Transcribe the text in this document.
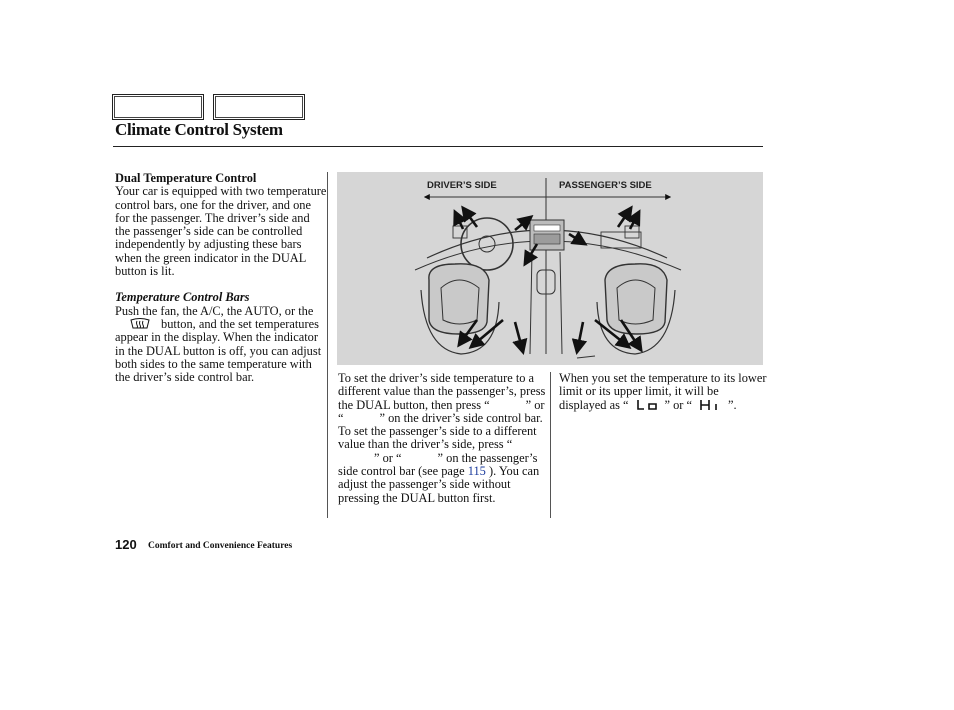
Climate Control System
Dual Temperature Control
Your car is equipped with two temperature control bars, one for the driver, and one for the passenger. The driver’s side and the passenger’s side can be controlled independently by adjusting these bars when the green indicator in the DUAL button is lit.
Temperature Control Bars
Push the fan, the A/C, the AUTO, or thebutton, and the set temperatures appear in the display. When the indicator in the DUAL button is off, you can adjust both sides to the same temperature with the driver’s side control bar.
DRIVER’S SIDE	PASSENGER’S SIDE
To set the driver’s side temperature to a different value than the passenger’s, press the DUAL button, then press “	” or “	” on the driver’s side control bar. To set the passenger’s side to a different value than the driver’s side, press “” or “	” on the passenger’s side control bar (see page 115 ). You can adjust the passenger’s side without pressing the DUAL button first.
When you set the temperature to its lower limit or its upper limit, it will be displayed as “	” or “	”.
120 Comfort and Convenience Features
